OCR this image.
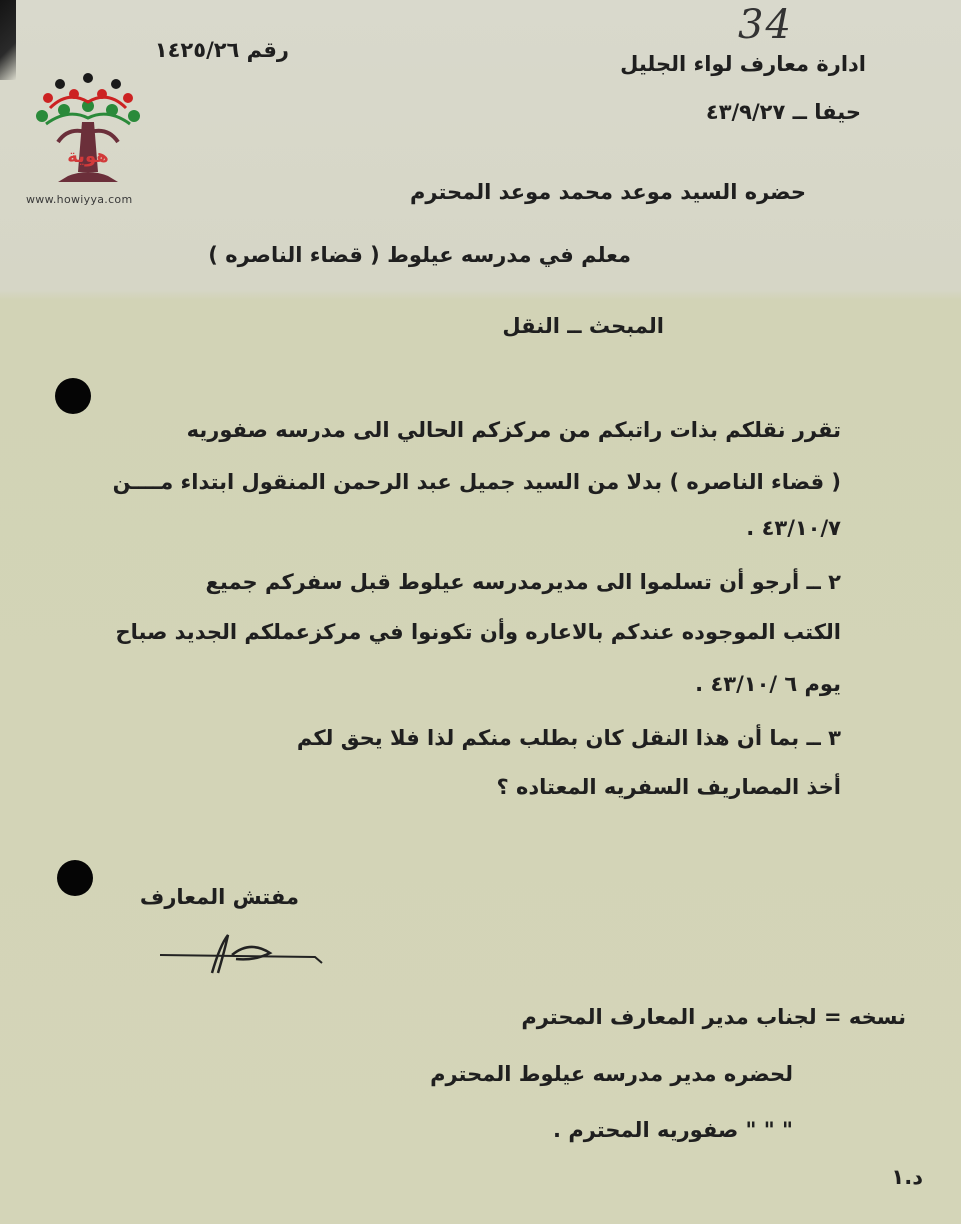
34
رقم ١٤٢٥/٢٦
ادارة معارف لواء الجليل
حيفا ــ ٤٣/٩/٢٧
هوية
www.howiyya.com	حضره السيد موعد محمد موعد المحترم
معلم في مدرسه عيلوط ( قضاء الناصره )
المبحث ــ النقل
تقرر نقلكم بذات راتبكم من مركزكم الحالي الى مدرسه صفوريه
( قضاء الناصره ) بدلا من السيد جميل عبد الرحمن المنقول ابتداء مــــن
٤٣/١٠/٧ .
٢ ــ أرجو أن تسلموا الى مديرمدرسه عيلوط قبل سفركم جميع
الكتب الموجوده عندكم بالاعاره وأن تكونوا في مركزعملكم الجديد صباح
يوم ٦ /٤٣/١٠ .
٣ ــ بما أن هذا النقل كان بطلب منكم لذا فلا يحق لكم
أخذ المصاريف السفريه المعتاده ؟
مفتش المعارف
نسخه = لجناب مدير المعارف المحترم
لحضره مدير مدرسه عيلوط المحترم
" " " صفوريه المحترم .
د.١
